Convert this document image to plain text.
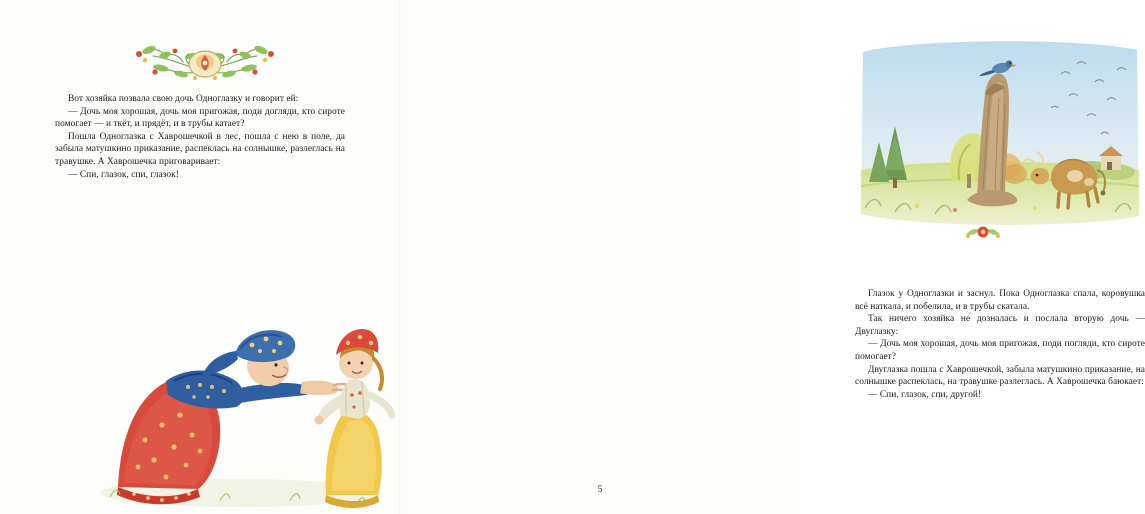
Вот хозяйка позвала свою дочь Одноглазку и говорит ей:

— Дочь моя хорошая, дочь моя пригожая, поди догляди, кто сироте помогает — и ткёт, и прядёт, и в трубы катает?

Пошла Одноглазка с Хаврошечкой в лес, пошла с нею в поле, да забыла матушкино приказание, распеклась на солнышке, разлеглась на травушке. А Хаврошечка приговаривает:

— Спи, глазок, спи, глазок!

Глазок у Одноглазки и заснул. Пока Одноглазка спала, коровушка всё наткала, и побелила, и в трубы скатала.

Так ничего хозяйка не дозналась и послала вторую дочь — Двуглазку:

— Дочь моя хорошая, дочь моя пригожая, поди погляди, кто сироте помогает?

Двуглазка пошла с Хаврошечкой, забыла матушкино приказание, на солнышке распеклась, на травушке разлеглась. А Хаврошечка баюкает:

— Спи, глазок, спи, другой!

5
